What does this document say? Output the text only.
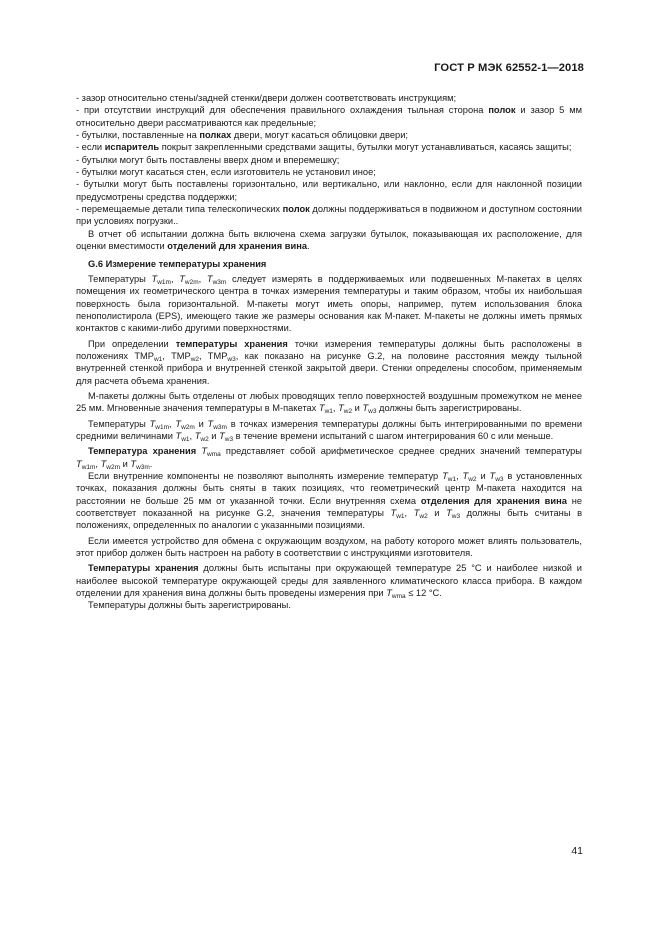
ГОСТ Р МЭК 62552-1—2018

- зазор относительно стены/задней стенки/двери должен соответствовать инструкциям;

- при отсутствии инструкций для обеспечения правильного охлаждения тыльная сторона полок и зазор 5 мм относительно двери рассматриваются как предельные;

- бутылки, поставленные на полках двери, могут касаться облицовки двери;

- если испаритель покрыт закрепленными средствами защиты, бутылки могут устанавливаться, касаясь защиты;

- бутылки могут быть поставлены вверх дном и вперемешку;

- бутылки могут касаться стен, если изготовитель не установил иное;

- бутылки могут быть поставлены горизонтально, или вертикально, или наклонно, если для наклонной позиции предусмотрены средства поддержки;

- перемещаемые детали типа телескопических полок должны поддерживаться в подвижном и доступном состоянии при условиях погрузки..

В отчет об испытании должна быть включена схема загрузки бутылок, показывающая их расположение, для оценки вместимости отделений для хранения вина.

G.6 Измерение температуры хранения

Температуры $T_{w1m}$, $T_{w2m}$, $T_{w3m}$ следует измерять в поддерживаемых или подвешенных М-пакетах в целях помещения их геометрического центра в точках измерения температуры и таким образом, чтобы их наибольшая поверхность была горизонтальной. М-пакеты могут иметь опоры, например, путем использования блока пенополистирола (EPS), имеющего такие же размеры основания как М-пакет. М-пакеты не должны иметь прямых контактов с какими-либо другими поверхностями.

При определении температуры хранения точки измерения температуры должны быть расположены в положениях $TMP_{w1}$, $TMP_{w2}$, $TMP_{w3}$, как показано на рисунке G.2, на половине расстояния между тыльной внутренней стенкой прибора и внутренней стенкой закрытой двери. Стенки определены способом, применяемым для расчета объема хранения.

М-пакеты должны быть отделены от любых проводящих тепло поверхностей воздушным промежутком не менее 25 мм. Мгновенные значения температуры в М-пакетах $T_{w1}$, $T_{w2}$ и $T_{w3}$ должны быть зарегистрированы.

Температуры $T_{w1m}$, $T_{w2m}$ и $T_{w3m}$ в точках измерения температуры должны быть интегрированными по времени средними величинами $T_{w1}$, $T_{w2}$ и $T_{w3}$ в течение времени испытаний с шагом интегрирования 60 с или меньше.

Температура хранения $T_{wma}$ представляет собой арифметическое среднее средних значений температуры $T_{w1m}$, $T_{w2m}$ и $T_{w3m}$.

Если внутренние компоненты не позволяют выполнять измерение температур $T_{w1}$, $T_{w2}$ и $T_{w3}$ в установленных точках, показания должны быть сняты в таких позициях, что геометрический центр М-пакета находится на расстоянии не больше 25 мм от указанной точки. Если внутренняя схема отделения для хранения вина не соответствует показанной на рисунке G.2, значения температуры $T_{w1}$, $T_{w2}$ и $T_{w3}$ должны быть считаны в положениях, определенных по аналогии с указанными позициями.

Если имеется устройство для обмена с окружающим воздухом, на работу которого может влиять пользователь, этот прибор должен быть настроен на работу в соответствии с инструкциями изготовителя.

Температуры хранения должны быть испытаны при окружающей температуре 25 °С и наиболее низкой и наиболее высокой температуре окружающей среды для заявленного климатического класса прибора. В каждом отделении для хранения вина должны быть проведены измерения при $T_{wma} \le 12$ °С.

Температуры должны быть зарегистрированы.

41
